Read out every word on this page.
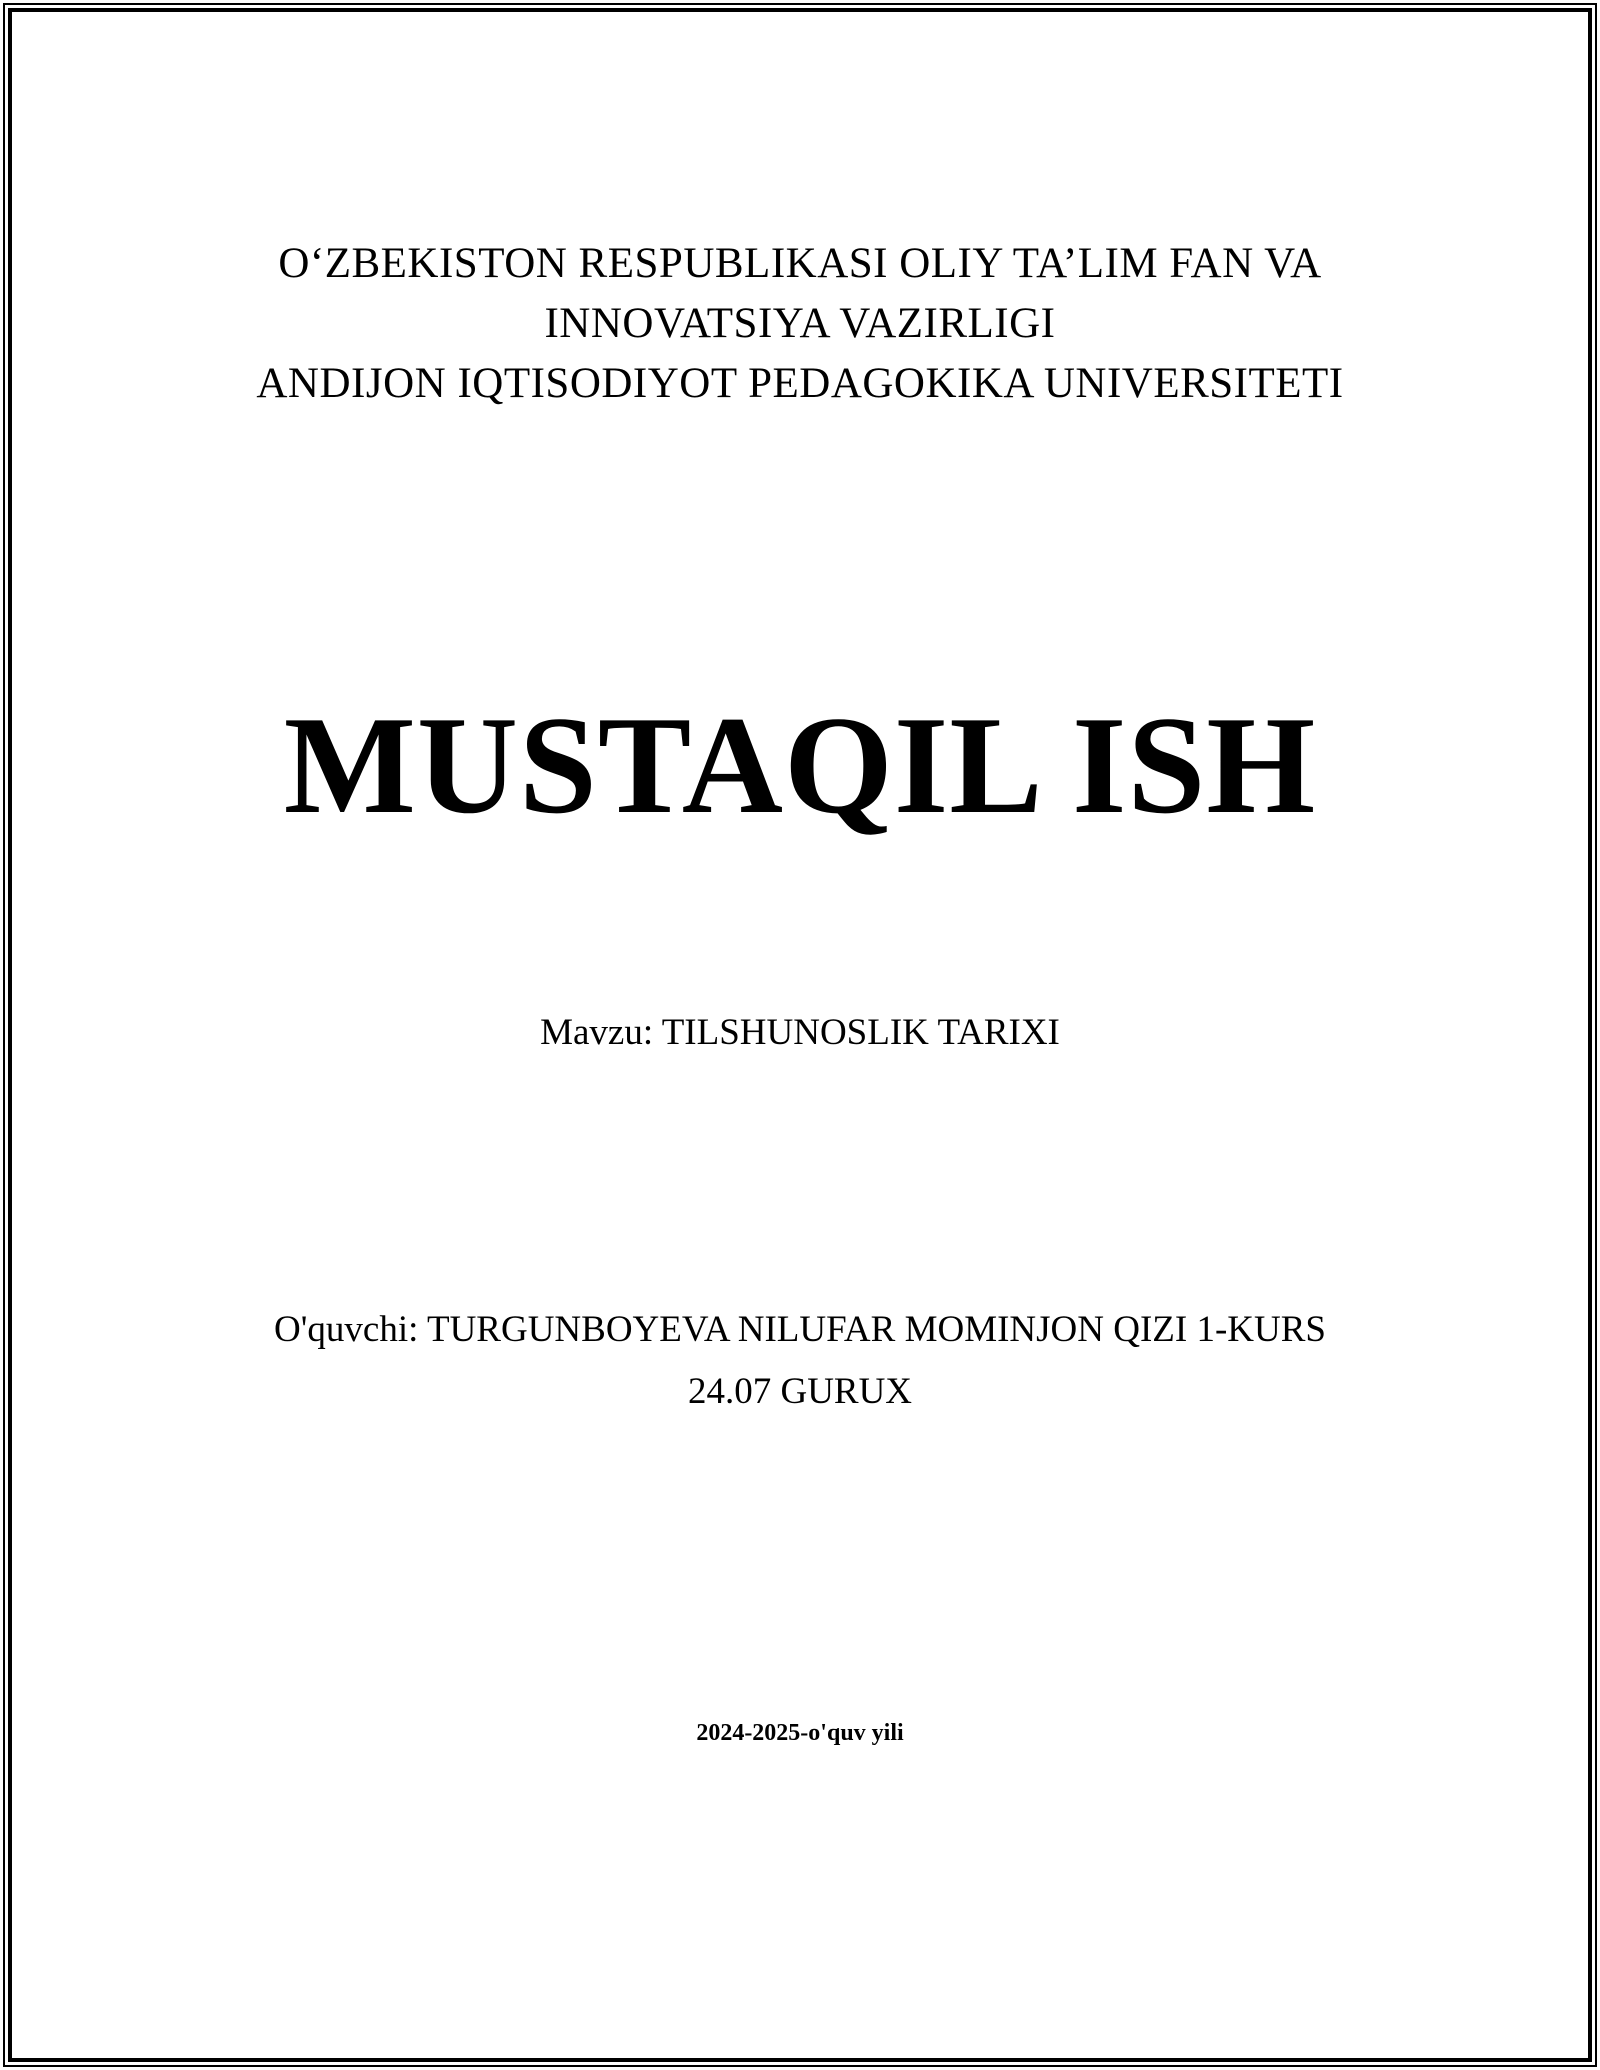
O‘ZBEKISTON RESPUBLIKASI OLIY TA’LIM FAN VA
INNOVATSIYA VAZIRLIGI
ANDIJON IQTISODIYOT PEDAGOKIKA UNIVERSITETI
MUSTAQIL ISH
Mavzu: TILSHUNOSLIK TARIXI
O'quvchi: TURGUNBOYEVA NILUFAR MOMINJON QIZI 1-KURS
24.07 GURUX
2024-2025-o'quv yili
